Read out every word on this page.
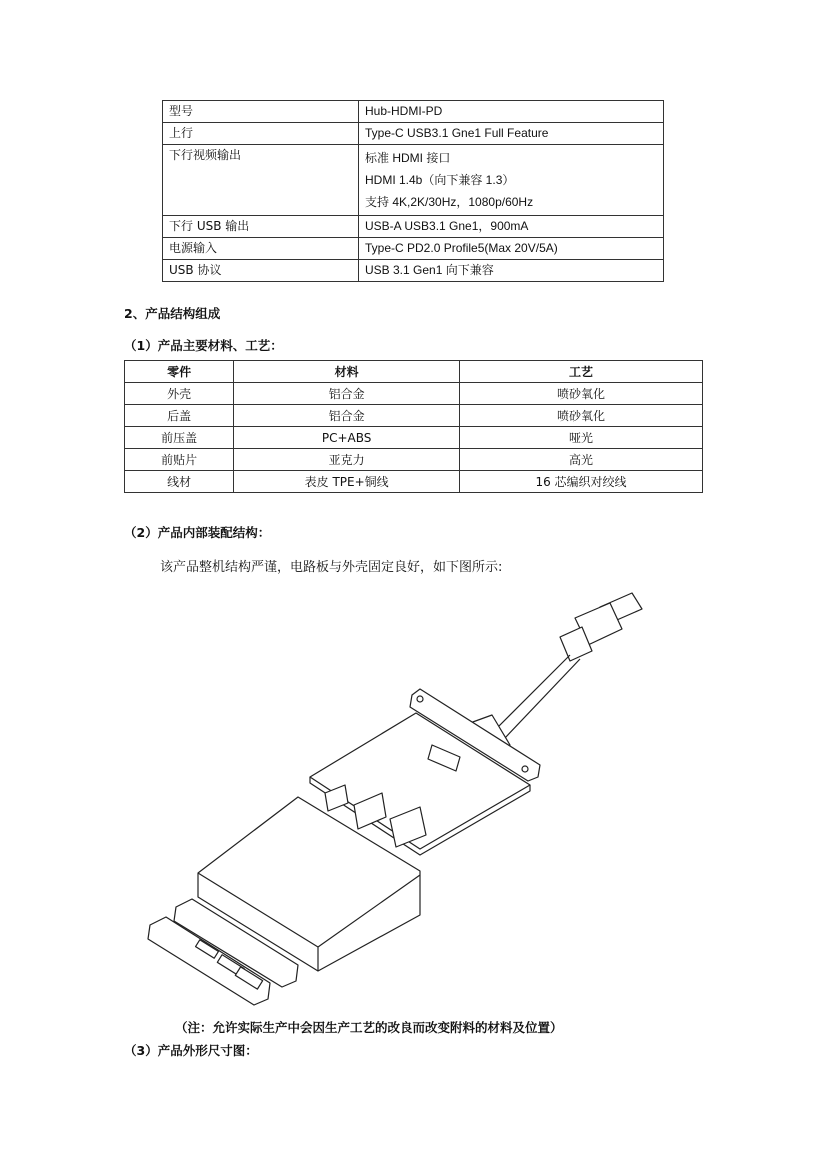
型号	Hub-HDMI-PD

上行	Type-C USB3.1 Gne1 Full Feature

下行视频输出	标准 HDMI 接口
HDMI 1.4b（向下兼容 1.3）
支持 4K,2K/30Hz，1080p/60Hz

下行 USB 输出	USB-A USB3.1 Gne1，900mA

电源输入	Type-C PD2.0 Profile5(Max 20V/5A)

USB 协议	USB 3.1 Gen1 向下兼容
2、产品结构组成
（1）产品主要材料、工艺：
零件	材料	工艺
外壳	铝合金	喷砂氧化
后盖	铝合金	喷砂氧化
前压盖	PC+ABS	哑光
前贴片	亚克力	高光
线材	表皮 TPE+铜线	16 芯编织对绞线
（2）产品内部装配结构：
该产品整机结构严谨，电路板与外壳固定良好，如下图所示:
（注：允许实际生产中会因生产工艺的改良而改变附料的材料及位置）
（3）产品外形尺寸图：
